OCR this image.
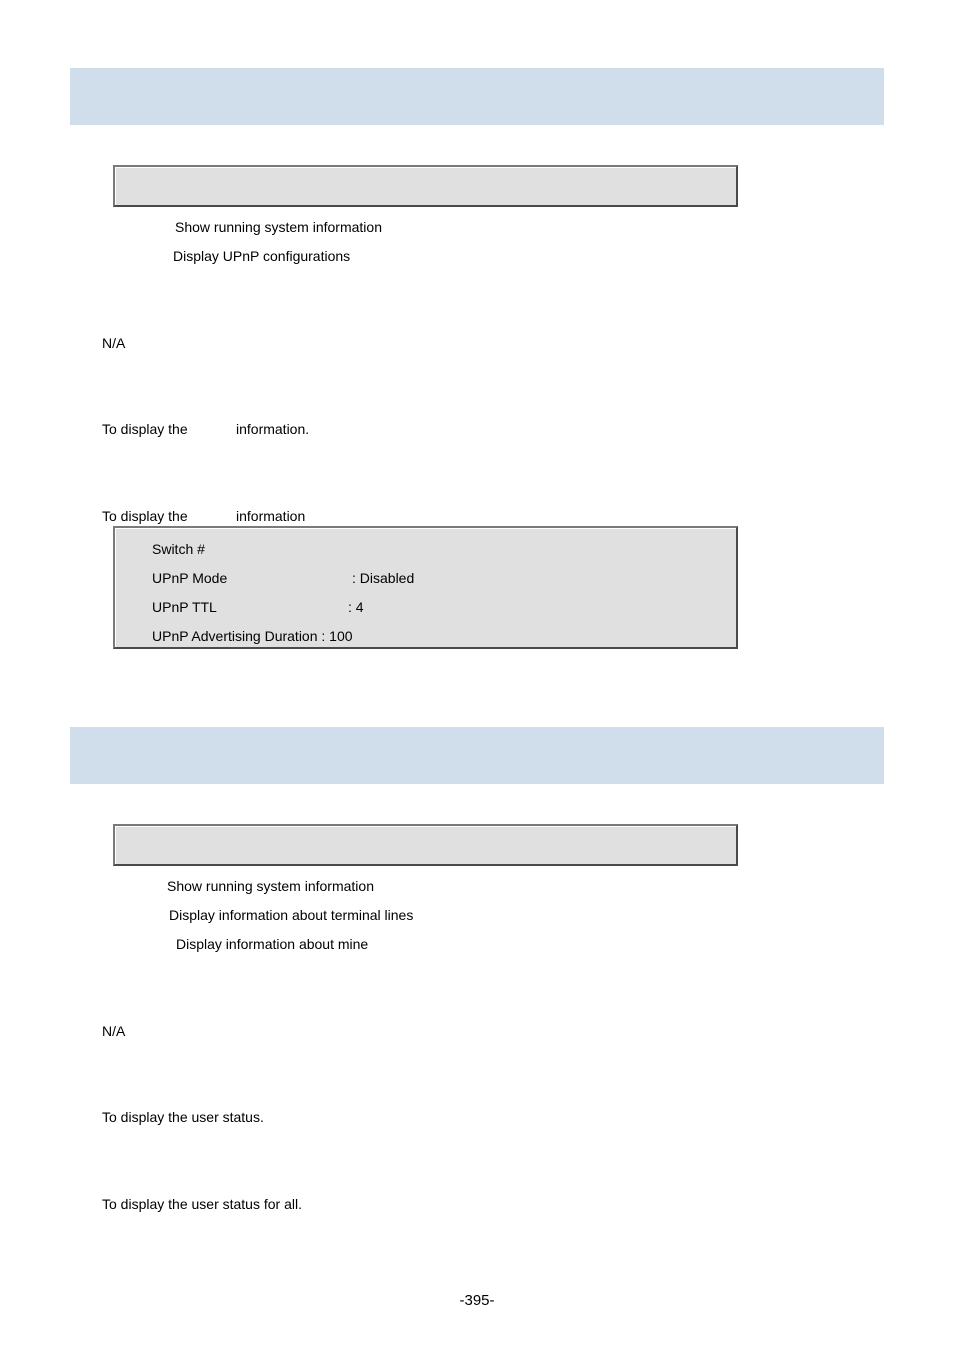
Show running system information
Display UPnP configurations
N/A
To display the	information.
To display the	information
Switch #
UPnP Mode	: Disabled
UPnP TTL	: 4
UPnP Advertising Duration : 100
Show running system information
Display information about terminal lines
Display information about mine
N/A
To display the user status.
To display the user status for all.
-395-
